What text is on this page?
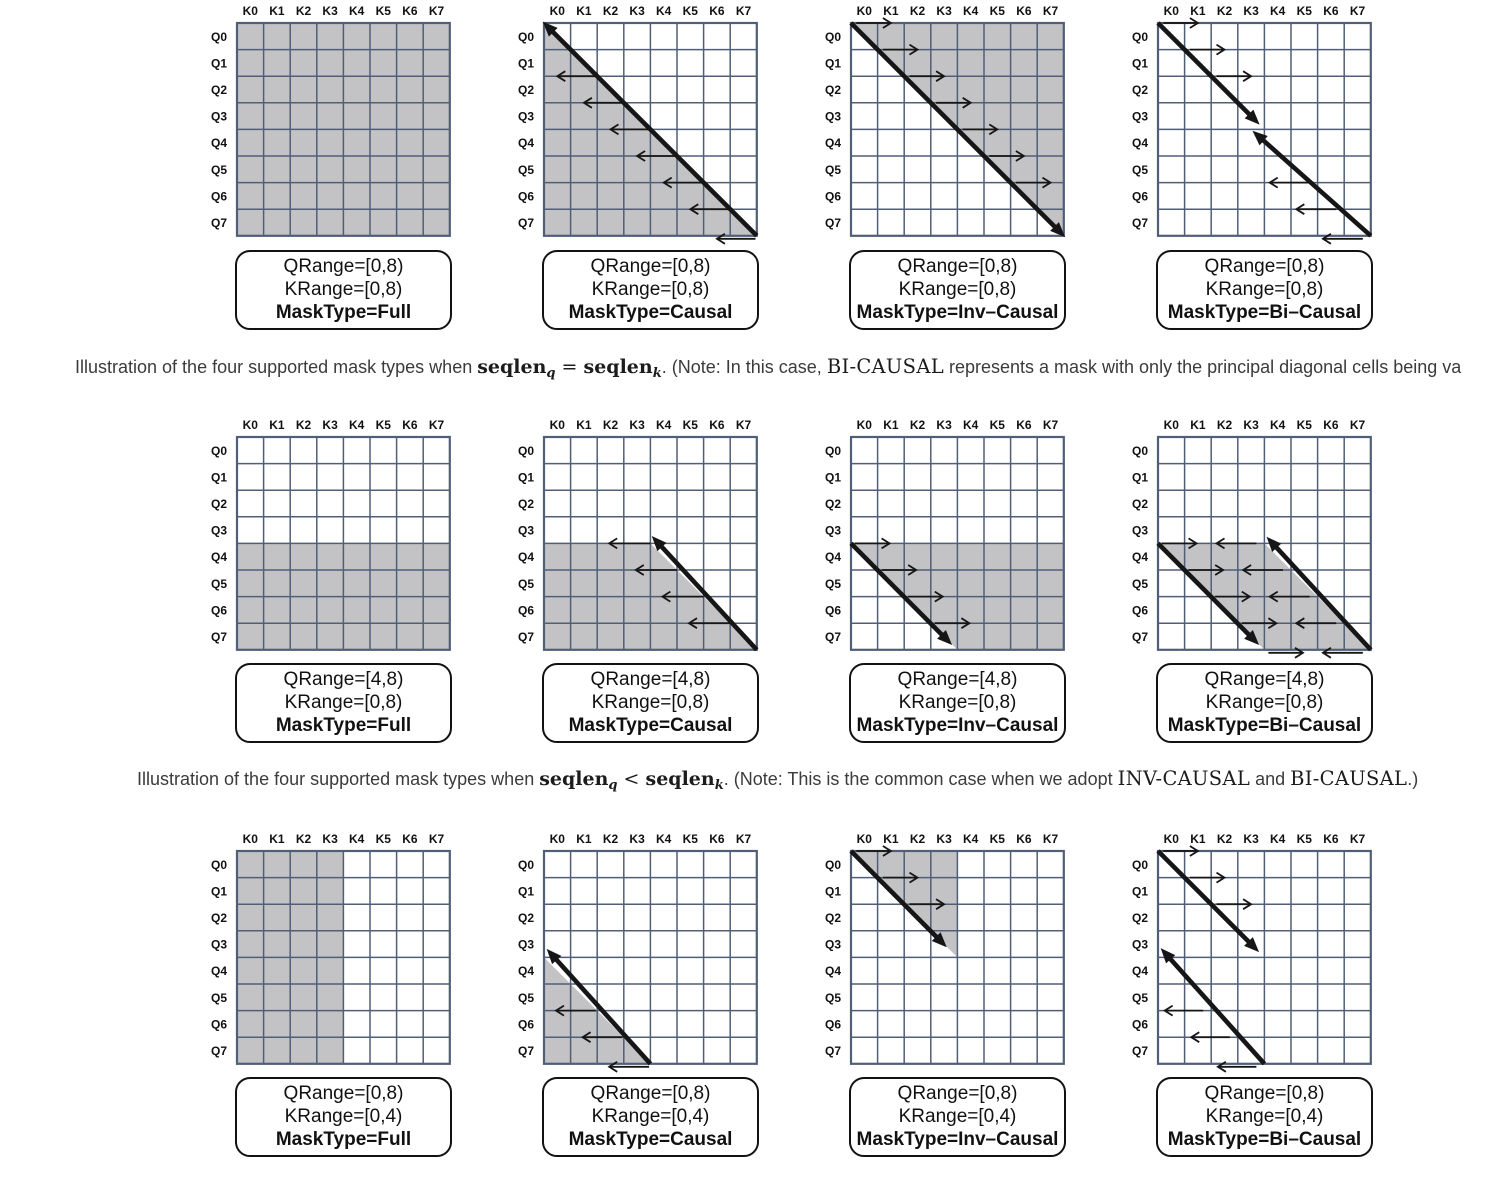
K0 K1 K2 K3 K4 K5 K6 K7
Q0
Q1
Q2
Q3
Q4
Q5
Q6
Q7
QRange=[0,8)
KRange=[0,8)
MaskType=Full
K0 K1 K2 K3 K4 K5 K6 K7
Q0
Q1
Q2
Q3
Q4
Q5
Q6
Q7
QRange=[0,8)
KRange=[0,8)
MaskType=Causal
K0 K1 K2 K3 K4 K5 K6 K7
Q0
Q1
Q2
Q3
Q4
Q5
Q6
Q7
QRange=[0,8)
KRange=[0,8)
MaskType=Inv–Causal
K0 K1 K2 K3 K4 K5 K6 K7
Q0
Q1
Q2
Q3
Q4
Q5
Q6
Q7
QRange=[0,8)
KRange=[0,8)
MaskType=Bi–Causal
Illustration of the four supported mask types when seqlen$_q$ = seqlen$_k$. (Note: In this case, BI-CAUSAL represents a mask with only the principal diagonal cells being va
K0 K1 K2 K3 K4 K5 K6 K7
Q0
Q1
Q2
Q3
Q4
Q5
Q6
Q7
QRange=[4,8)
KRange=[0,8)
MaskType=Full
K0 K1 K2 K3 K4 K5 K6 K7
Q0
Q1
Q2
Q3
Q4
Q5
Q6
Q7
QRange=[4,8)
KRange=[0,8)
MaskType=Causal
K0 K1 K2 K3 K4 K5 K6 K7
Q0
Q1
Q2
Q3
Q4
Q5
Q6
Q7
QRange=[4,8)
KRange=[0,8)
MaskType=Inv–Causal
K0 K1 K2 K3 K4 K5 K6 K7
Q0
Q1
Q2
Q3
Q4
Q5
Q6
Q7
QRange=[4,8)
KRange=[0,8)
MaskType=Bi–Causal
Illustration of the four supported mask types when seqlen$_q$ < seqlen$_k$. (Note: This is the common case when we adopt INV-CAUSAL and BI-CAUSAL.)
K0 K1 K2 K3 K4 K5 K6 K7
Q0
Q1
Q2
Q3
Q4
Q5
Q6
Q7
QRange=[0,8)
KRange=[0,4)
MaskType=Full
K0 K1 K2 K3 K4 K5 K6 K7
Q0
Q1
Q2
Q3
Q4
Q5
Q6
Q7
QRange=[0,8)
KRange=[0,4)
MaskType=Causal
K0 K1 K2 K3 K4 K5 K6 K7
Q0
Q1
Q2
Q3
Q4
Q5
Q6
Q7
QRange=[0,8)
KRange=[0,4)
MaskType=Inv–Causal
K0 K1 K2 K3 K4 K5 K6 K7
Q0
Q1
Q2
Q3
Q4
Q5
Q6
Q7
QRange=[0,8)
KRange=[0,4)
MaskType=Bi–Causal
